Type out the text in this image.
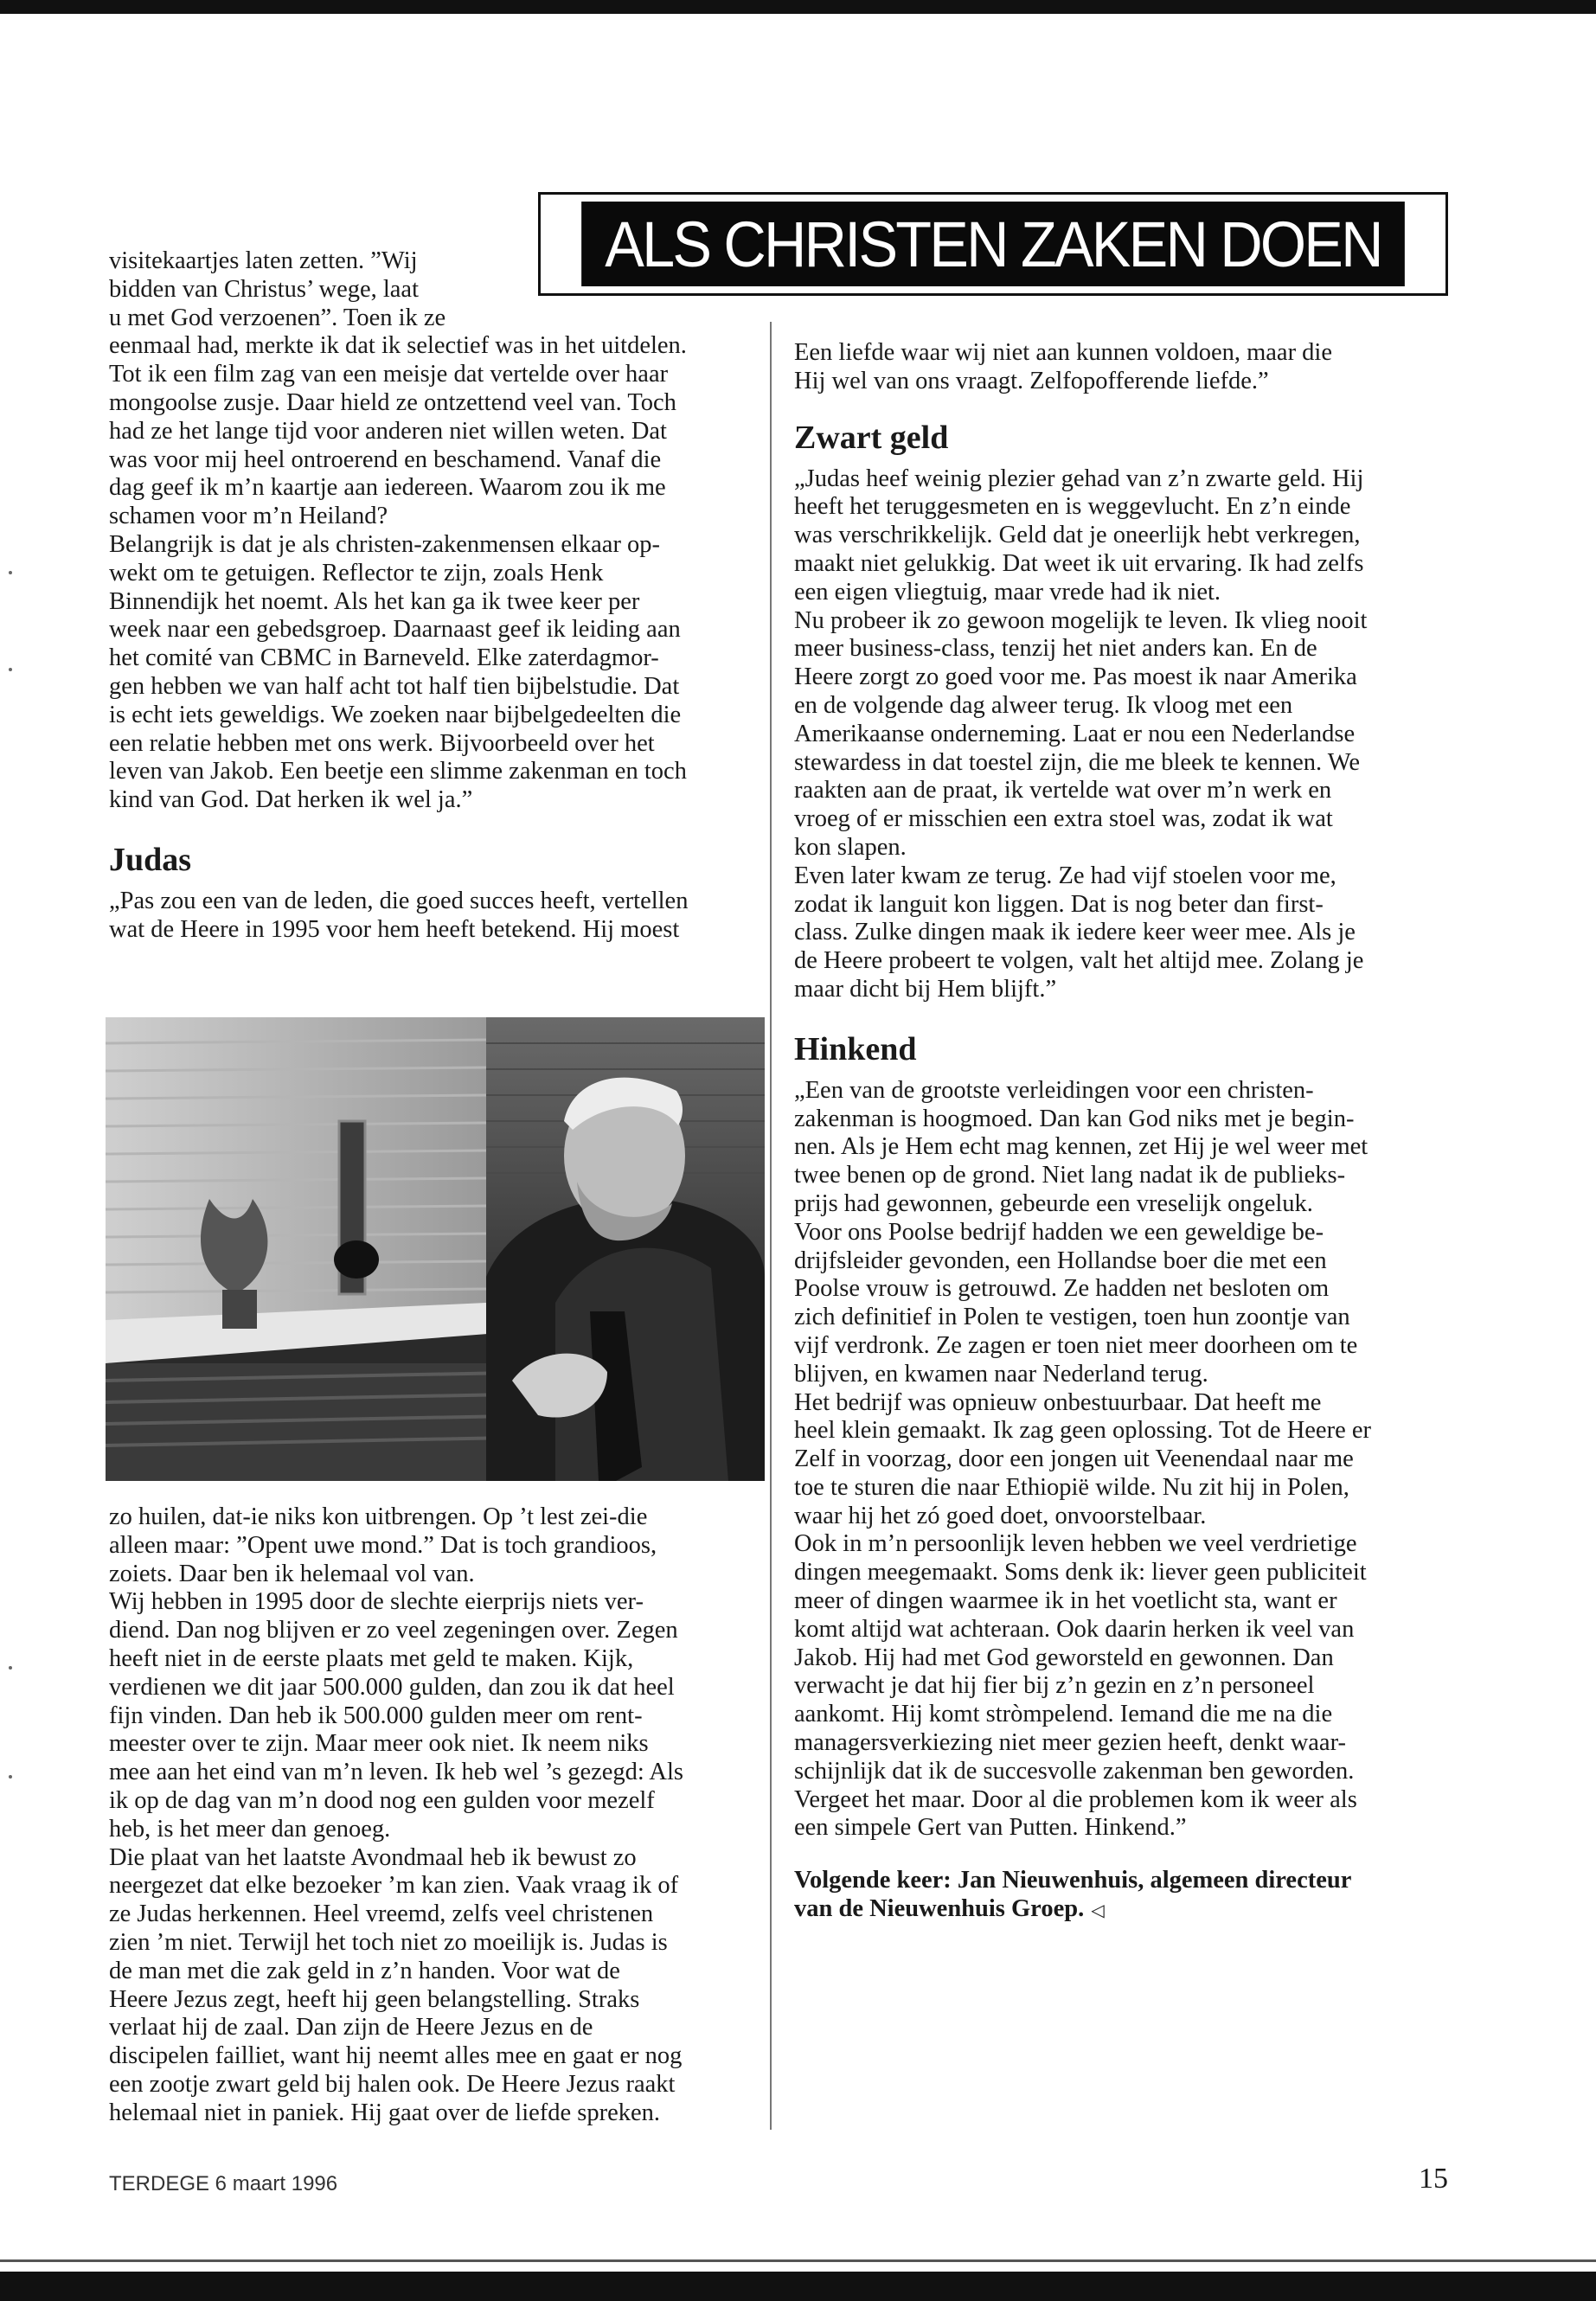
ALS CHRISTEN ZAKEN DOEN

visitekaartjes laten zetten. ”Wij

bidden van Christus’ wege, laat

u met God verzoenen”. Toen ik ze

eenmaal had, merkte ik dat ik selectief was in het uitdelen.

Tot ik een film zag van een meisje dat vertelde over haar

mongoolse zusje. Daar hield ze ontzettend veel van. Toch

had ze het lange tijd voor anderen niet willen weten. Dat

was voor mij heel ontroerend en beschamend. Vanaf die

dag geef ik m’n kaartje aan iedereen. Waarom zou ik me

schamen voor m’n Heiland?

Belangrijk is dat je als christen-zakenmensen elkaar op-

wekt om te getuigen. Reflector te zijn, zoals Henk

Binnendijk het noemt. Als het kan ga ik twee keer per

week naar een gebedsgroep. Daarnaast geef ik leiding aan

het comité van CBMC in Barneveld. Elke zaterdagmor-

gen hebben we van half acht tot half tien bijbelstudie. Dat

is echt iets geweldigs. We zoeken naar bijbelgedeelten die

een relatie hebben met ons werk. Bijvoorbeeld over het

leven van Jakob. Een beetje een slimme zakenman en toch

kind van God. Dat herken ik wel ja.”

Judas

„Pas zou een van de leden, die goed succes heeft, vertellen

wat de Heere in 1995 voor hem heeft betekend. Hij moest

zo huilen, dat-ie niks kon uitbrengen. Op ’t lest zei-die

alleen maar: ”Opent uwe mond.” Dat is toch grandioos,

zoiets. Daar ben ik helemaal vol van.

Wij hebben in 1995 door de slechte eierprijs niets ver-

diend. Dan nog blijven er zo veel zegeningen over. Zegen

heeft niet in de eerste plaats met geld te maken. Kijk,

verdienen we dit jaar 500.000 gulden, dan zou ik dat heel

fijn vinden. Dan heb ik 500.000 gulden meer om rent-

meester over te zijn. Maar meer ook niet. Ik neem niks

mee aan het eind van m’n leven. Ik heb wel ’s gezegd: Als

ik op de dag van m’n dood nog een gulden voor mezelf

heb, is het meer dan genoeg.

Die plaat van het laatste Avondmaal heb ik bewust zo

neergezet dat elke bezoeker ’m kan zien. Vaak vraag ik of

ze Judas herkennen. Heel vreemd, zelfs veel christenen

zien ’m niet. Terwijl het toch niet zo moeilijk is. Judas is

de man met die zak geld in z’n handen. Voor wat de

Heere Jezus zegt, heeft hij geen belangstelling. Straks

verlaat hij de zaal. Dan zijn de Heere Jezus en de

discipelen failliet, want hij neemt alles mee en gaat er nog

een zootje zwart geld bij halen ook. De Heere Jezus raakt

helemaal niet in paniek. Hij gaat over de liefde spreken.

Een liefde waar wij niet aan kunnen voldoen, maar die

Hij wel van ons vraagt. Zelfopofferende liefde.”

Zwart geld

„Judas heef weinig plezier gehad van z’n zwarte geld. Hij

heeft het teruggesmeten en is weggevlucht. En z’n einde

was verschrikkelijk. Geld dat je oneerlijk hebt verkregen,

maakt niet gelukkig. Dat weet ik uit ervaring. Ik had zelfs

een eigen vliegtuig, maar vrede had ik niet.

Nu probeer ik zo gewoon mogelijk te leven. Ik vlieg nooit

meer business-class, tenzij het niet anders kan. En de

Heere zorgt zo goed voor me. Pas moest ik naar Amerika

en de volgende dag alweer terug. Ik vloog met een

Amerikaanse onderneming. Laat er nou een Nederlandse

stewardess in dat toestel zijn, die me bleek te kennen. We

raakten aan de praat, ik vertelde wat over m’n werk en

vroeg of er misschien een extra stoel was, zodat ik wat

kon slapen.

Even later kwam ze terug. Ze had vijf stoelen voor me,

zodat ik languit kon liggen. Dat is nog beter dan first-

class. Zulke dingen maak ik iedere keer weer mee. Als je

de Heere probeert te volgen, valt het altijd mee. Zolang je

maar dicht bij Hem blijft.”

Hinkend

„Een van de grootste verleidingen voor een christen-

zakenman is hoogmoed. Dan kan God niks met je begin-

nen. Als je Hem echt mag kennen, zet Hij je wel weer met

twee benen op de grond. Niet lang nadat ik de publieks-

prijs had gewonnen, gebeurde een vreselijk ongeluk.

Voor ons Poolse bedrijf hadden we een geweldige be-

drijfsleider gevonden, een Hollandse boer die met een

Poolse vrouw is getrouwd. Ze hadden net besloten om

zich definitief in Polen te vestigen, toen hun zoontje van

vijf verdronk. Ze zagen er toen niet meer doorheen om te

blijven, en kwamen naar Nederland terug.

Het bedrijf was opnieuw onbestuurbaar. Dat heeft me

heel klein gemaakt. Ik zag geen oplossing. Tot de Heere er

Zelf in voorzag, door een jongen uit Veenendaal naar me

toe te sturen die naar Ethiopië wilde. Nu zit hij in Polen,

waar hij het zó goed doet, onvoorstelbaar.

Ook in m’n persoonlijk leven hebben we veel verdrietige

dingen meegemaakt. Soms denk ik: liever geen publiciteit

meer of dingen waarmee ik in het voetlicht sta, want er

komt altijd wat achteraan. Ook daarin herken ik veel van

Jakob. Hij had met God geworsteld en gewonnen. Dan

verwacht je dat hij fier bij z’n gezin en z’n personeel

aankomt. Hij komt stròmpelend. Iemand die me na die

managersverkiezing niet meer gezien heeft, denkt waar-

schijnlijk dat ik de succesvolle zakenman ben geworden.

Vergeet het maar. Door al die problemen kom ik weer als

een simpele Gert van Putten. Hinkend.”

Volgende keer: Jan Nieuwenhuis, algemeen directeur

van de Nieuwenhuis Groep. ◁

TERDEGE 6 maart 1996	15
